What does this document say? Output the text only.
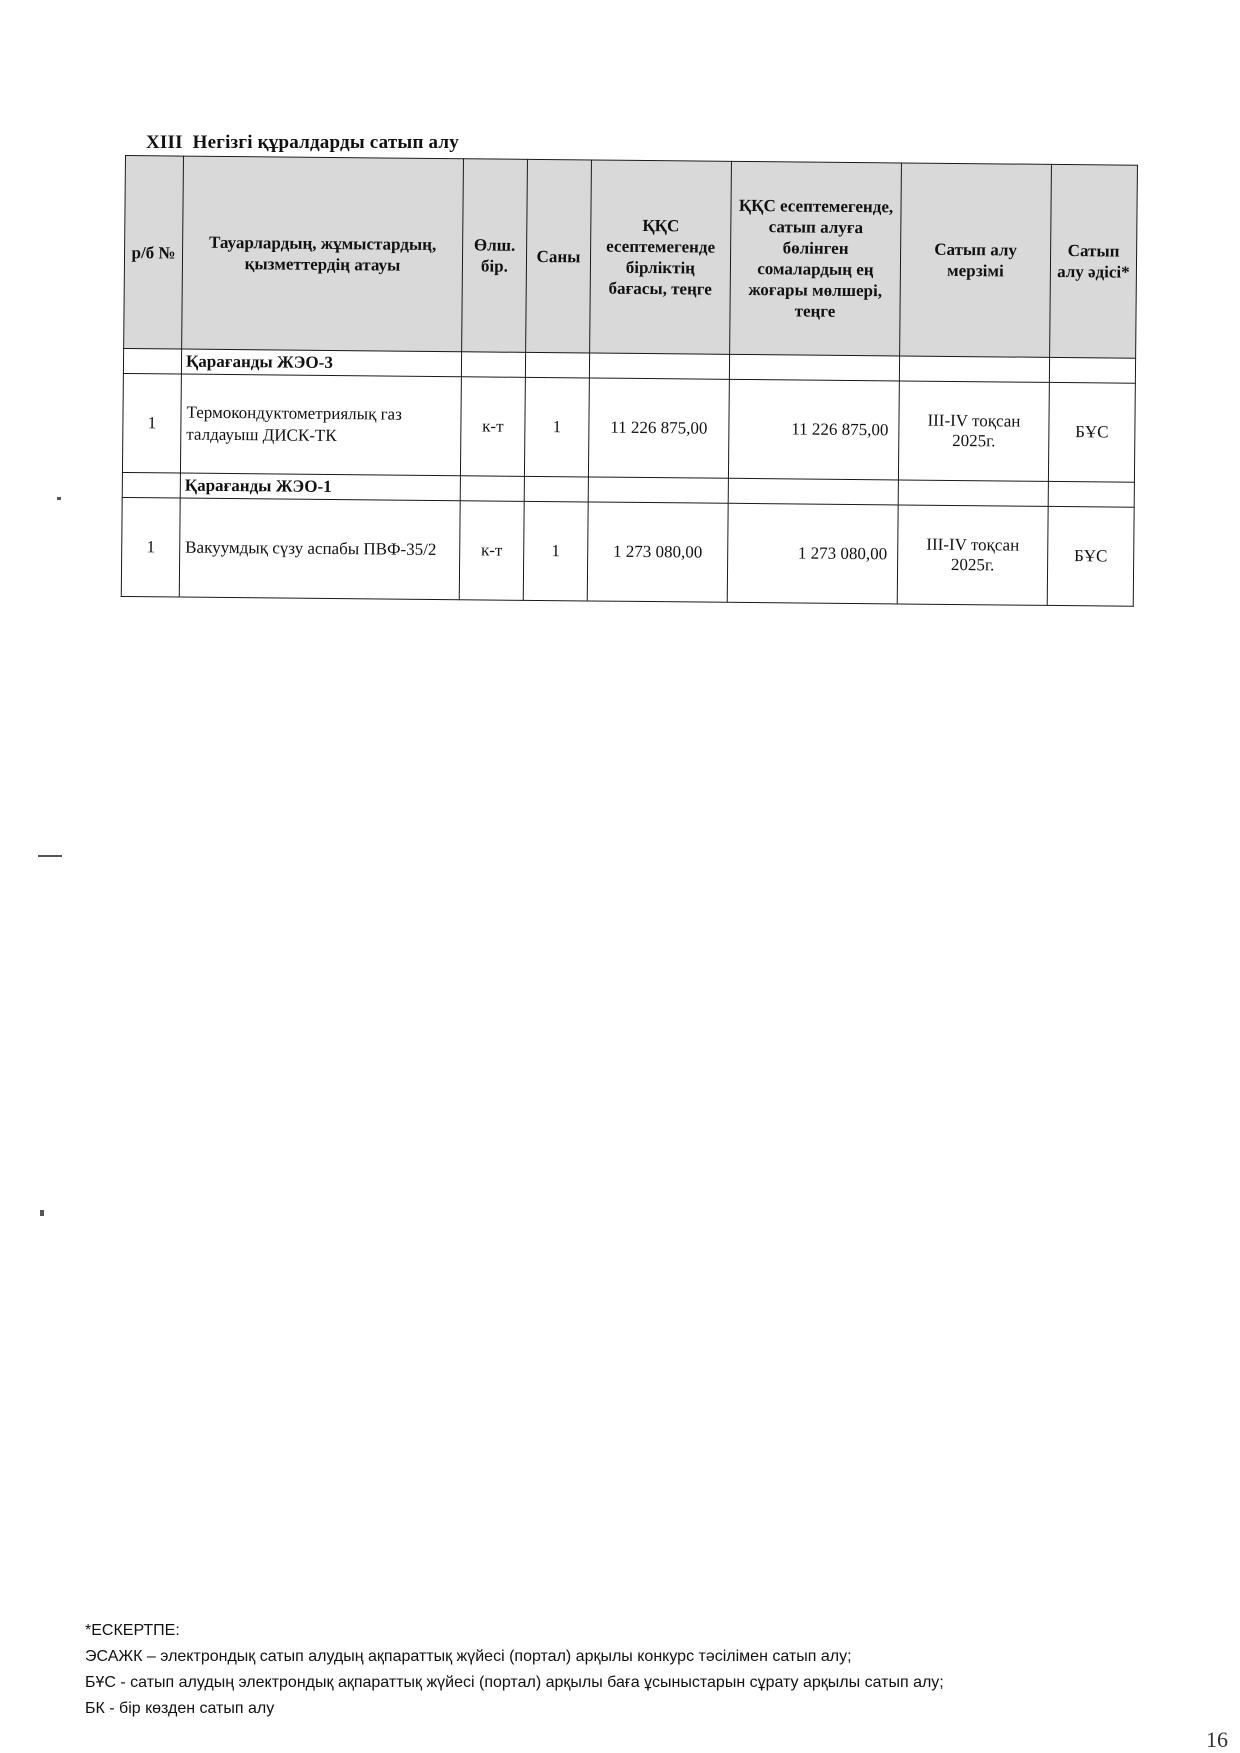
XIII Негізгі құралдарды сатып алу
р/б №	Тауарлардың, жұмыстардың, қызметтердің атауы	Өлш. бір.	Саны	ҚҚС есептемегенде бірліктің бағасы, теңге	ҚҚС есептемегенде, сатып алуға бөлінген сомалардың ең жоғары мөлшері, теңге	Сатып алу мерзімі	Сатып алу әдісі*
	Қарағанды ЖЭО-3						
1	Термокондуктометриялық газ талдауыш ДИСК-ТК	к-т	1	11 226 875,00	11 226 875,00	III-IV тоқсан 2025г.	БҰС
	Қарағанды ЖЭО-1						
1	Вакуумдық сүзу аспабы ПВФ-35/2	к-т	1	1 273 080,00	1 273 080,00	III-IV тоқсан 2025г.	БҰС
*ЕСКЕРТПЕ:
ЭСАЖК – электрондық сатып алудың ақпараттық жүйесі (портал) арқылы конкурс тәсілімен сатып алу;
БҰС - сатып алудың электрондық ақпараттық жүйесі (портал) арқылы баға ұсыныстарын сұрату арқылы сатып алу;
БК - бір көзден сатып алу
16
